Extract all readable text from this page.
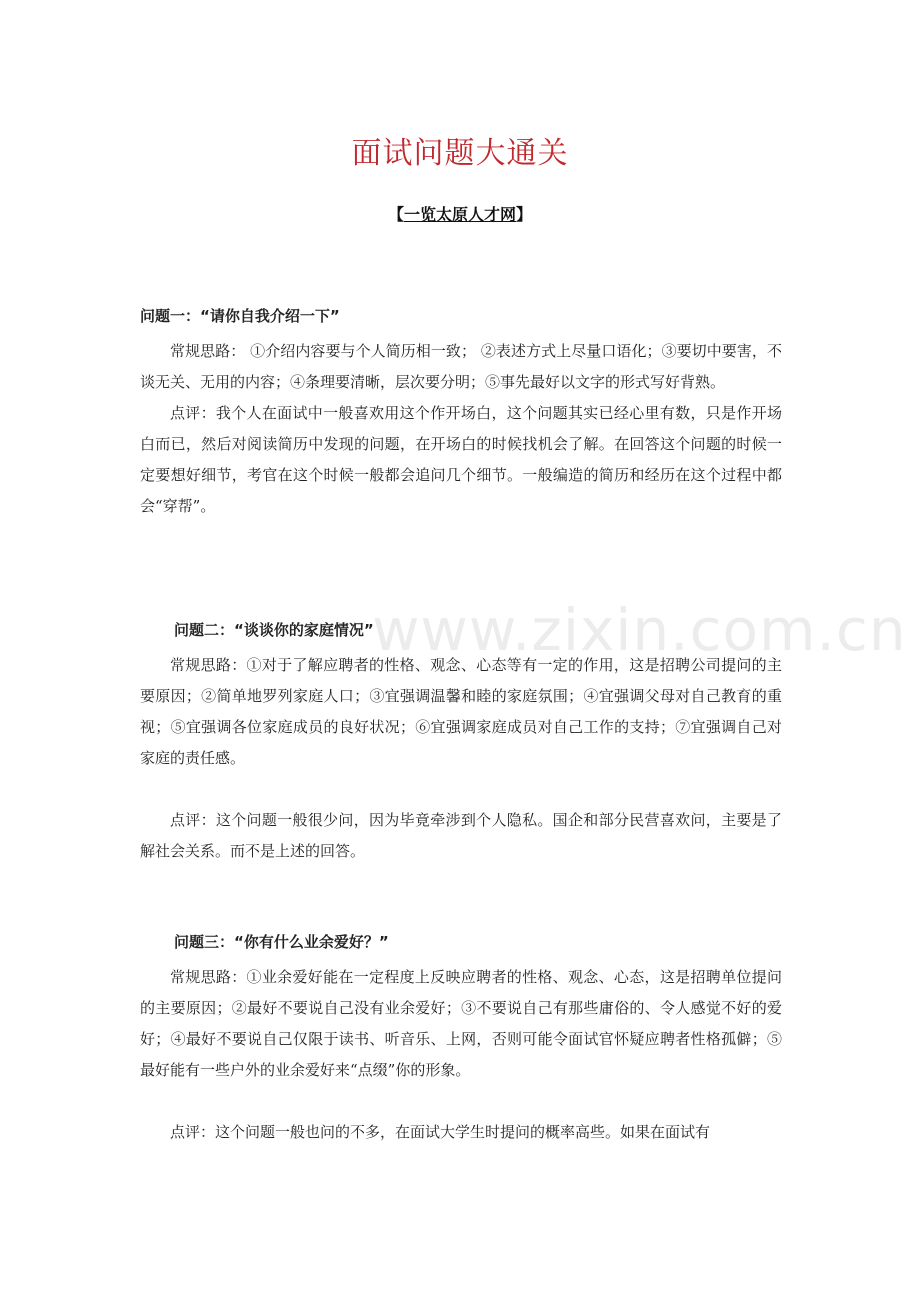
面试问题大通关
【一览太原人才网】
www.zixin.com.cn

问题一：“请你自我介绍一下”

常规思路： ①介绍内容要与个人简历相一致； ②表述方式上尽量口语化；③要切中要害，不谈无关、无用的内容；④条理要清晰，层次要分明；⑤事先最好以文字的形式写好背熟。

点评：我个人在面试中一般喜欢用这个作开场白，这个问题其实已经心里有数，只是作开场白而已，然后对阅读简历中发现的问题，在开场白的时候找机会了解。在回答这个问题的时候一定要想好细节，考官在这个时候一般都会追问几个细节。一般编造的简历和经历在这个过程中都会“穿帮”。

问题二：“谈谈你的家庭情况”

常规思路：①对于了解应聘者的性格、观念、心态等有一定的作用，这是招聘公司提问的主要原因；②简单地罗列家庭人口；③宜强调温馨和睦的家庭氛围；④宜强调父母对自己教育的重视；⑤宜强调各位家庭成员的良好状况；⑥宜强调家庭成员对自己工作的支持；⑦宜强调自己对家庭的责任感。

点评：这个问题一般很少问，因为毕竟牵涉到个人隐私。国企和部分民营喜欢问，主要是了解社会关系。而不是上述的回答。

问题三：“你有什么业余爱好？”

常规思路：①业余爱好能在一定程度上反映应聘者的性格、观念、心态，这是招聘单位提问的主要原因；②最好不要说自己没有业余爱好；③不要说自己有那些庸俗的、令人感觉不好的爱好；④最好不要说自己仅限于读书、听音乐、上网，否则可能令面试官怀疑应聘者性格孤僻；⑤最好能有一些户外的业余爱好来“点缀”你的形象。

点评：这个问题一般也问的不多，在面试大学生时提问的概率高些。如果在面试有
